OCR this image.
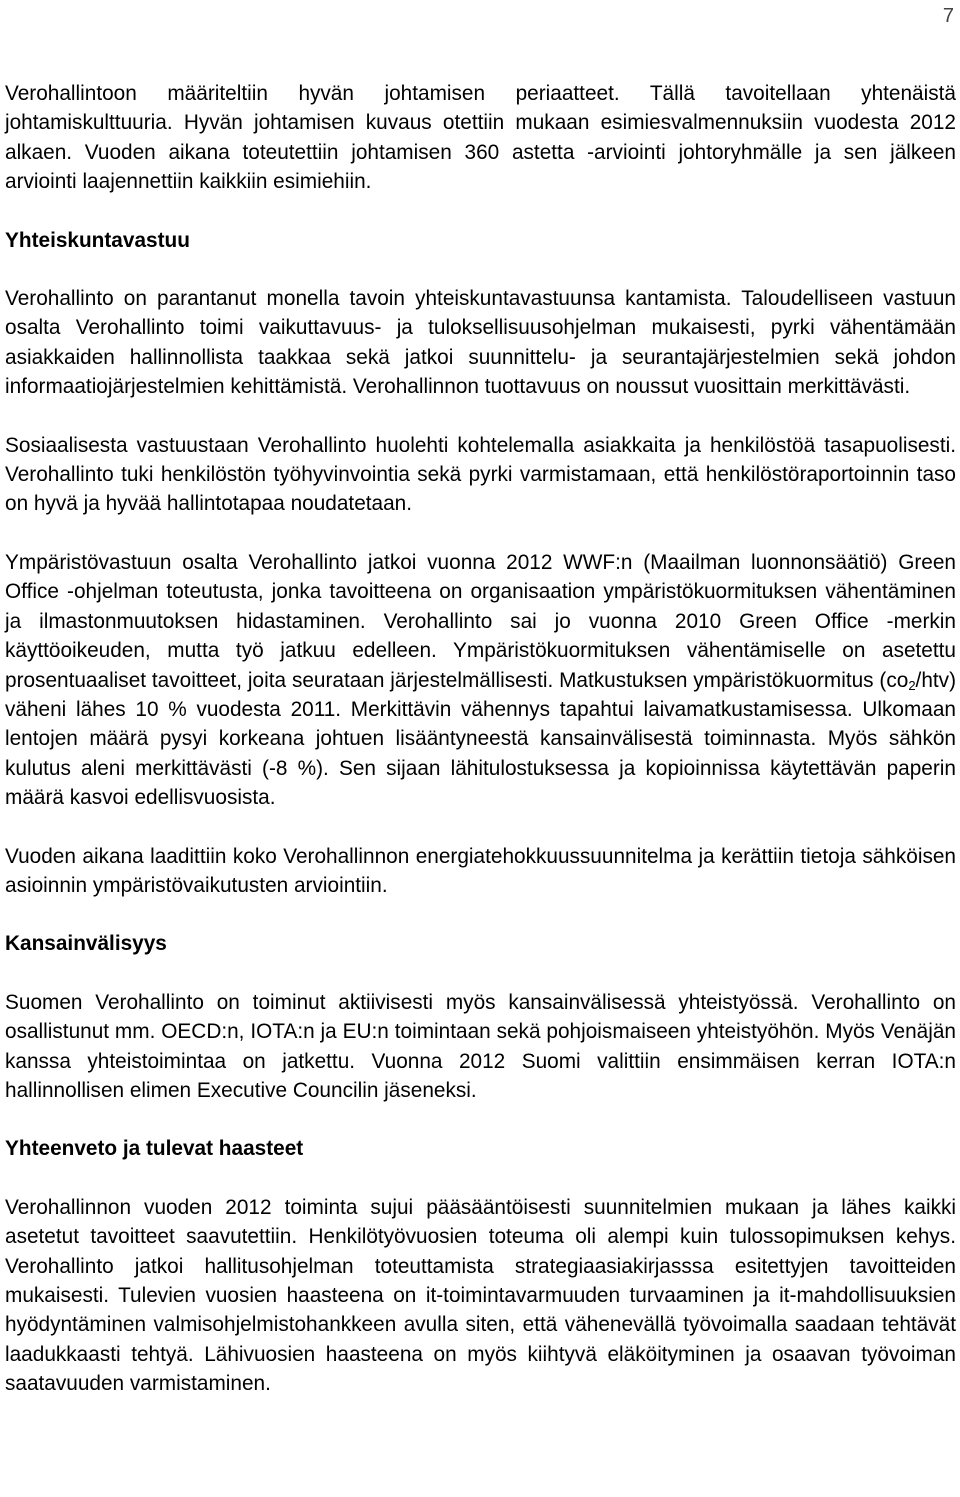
7

Verohallintoon määriteltiin hyvän johtamisen periaatteet. Tällä tavoitellaan yhtenäistä johtamiskulttuuria. Hyvän johtamisen kuvaus otettiin mukaan esimiesvalmennuksiin vuodesta 2012 alkaen. Vuoden aikana toteutettiin johtamisen 360 astetta -arviointi johtoryhmälle ja sen jälkeen arviointi laajennettiin kaikkiin esimiehiin.

Yhteiskuntavastuu

Verohallinto on parantanut monella tavoin yhteiskuntavastuunsa kantamista. Taloudelliseen vastuun osalta Verohallinto toimi vaikuttavuus- ja tuloksellisuusohjelman mukaisesti, pyrki vähentämään asiakkaiden hallinnollista taakkaa sekä jatkoi suunnittelu- ja seurantajärjestelmien sekä johdon informaatiojärjestelmien kehittämistä. Verohallinnon tuottavuus on noussut vuosittain merkittävästi.

Sosiaalisesta vastuustaan Verohallinto huolehti kohtelemalla asiakkaita ja henkilöstöä tasapuolisesti. Verohallinto tuki henkilöstön työhyvinvointia sekä pyrki varmistamaan, että henkilöstöraportoinnin taso on hyvä ja hyvää hallintotapaa noudatetaan.

Ympäristövastuun osalta Verohallinto jatkoi vuonna 2012 WWF:n (Maailman luonnonsäätiö) Green Office -ohjelman toteutusta, jonka tavoitteena on organisaation ympäristökuormituksen vähentäminen ja ilmastonmuutoksen hidastaminen. Verohallinto sai jo vuonna 2010 Green Office -merkin käyttöoikeuden, mutta työ jatkuu edelleen. Ympäristökuormituksen vähentämiselle on asetettu prosentuaaliset tavoitteet, joita seurataan järjestelmällisesti. Matkustuksen ympäristökuormitus $(co_2/htv)$ väheni lähes 10 % vuodesta 2011. Merkittävin vähennys tapahtui laivamatkustamisessa. Ulkomaan lentojen määrä pysyi korkeana johtuen lisääntyneestä kansainvälisestä toiminnasta. Myös sähkön kulutus aleni merkittävästi (-8 %). Sen sijaan lähitulostuksessa ja kopioinnissa käytettävän paperin määrä kasvoi edellisvuosista.

Vuoden aikana laadittiin koko Verohallinnon energiatehokkuussuunnitelma ja kerättiin tietoja sähköisen asioinnin ympäristövaikutusten arviointiin.

Kansainvälisyys

Suomen Verohallinto on toiminut aktiivisesti myös kansainvälisessä yhteistyössä. Verohallinto on osallistunut mm. OECD:n, IOTA:n ja EU:n toimintaan sekä pohjoismaiseen yhteistyöhön. Myös Venäjän kanssa yhteistoimintaa on jatkettu. Vuonna 2012 Suomi valittiin ensimmäisen kerran IOTA:n hallinnollisen elimen Executive Councilin jäseneksi.

Yhteenveto ja tulevat haasteet

Verohallinnon vuoden 2012 toiminta sujui pääsääntöisesti suunnitelmien mukaan ja lähes kaikki asetetut tavoitteet saavutettiin. Henkilötyövuosien toteuma oli alempi kuin tulossopimuksen kehys. Verohallinto jatkoi hallitusohjelman toteuttamista strategiaasiakirjasssa esitettyjen tavoitteiden mukaisesti. Tulevien vuosien haasteena on it-toimintavarmuuden turvaaminen ja it-mahdollisuuksien hyödyntäminen valmisohjelmistohankkeen avulla siten, että vähenevällä työvoimalla saadaan tehtävät laadukkaasti tehtyä. Lähivuosien haasteena on myös kiihtyvä eläköityminen ja osaavan työvoiman saatavuuden varmistaminen.
